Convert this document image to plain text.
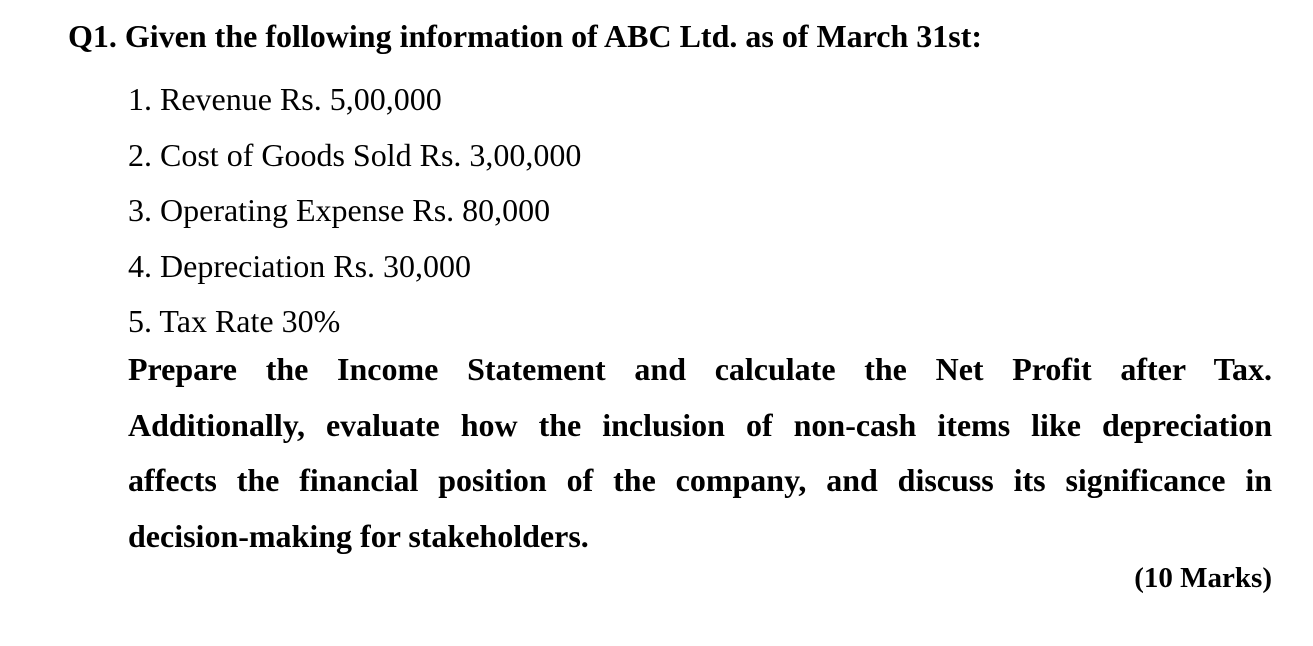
Q1. Given the following information of ABC Ltd. as of March 31st:
1. Revenue Rs. 5,00,000
2. Cost of Goods Sold Rs. 3,00,000
3. Operating Expense Rs. 80,000
4. Depreciation Rs. 30,000
5. Tax Rate 30%

Prepare the Income Statement and calculate the Net Profit after Tax.
Additionally, evaluate how the inclusion of non-cash items like depreciation
affects the financial position of the company, and discuss its significance in
decision-making for stakeholders.

(10 Marks)
